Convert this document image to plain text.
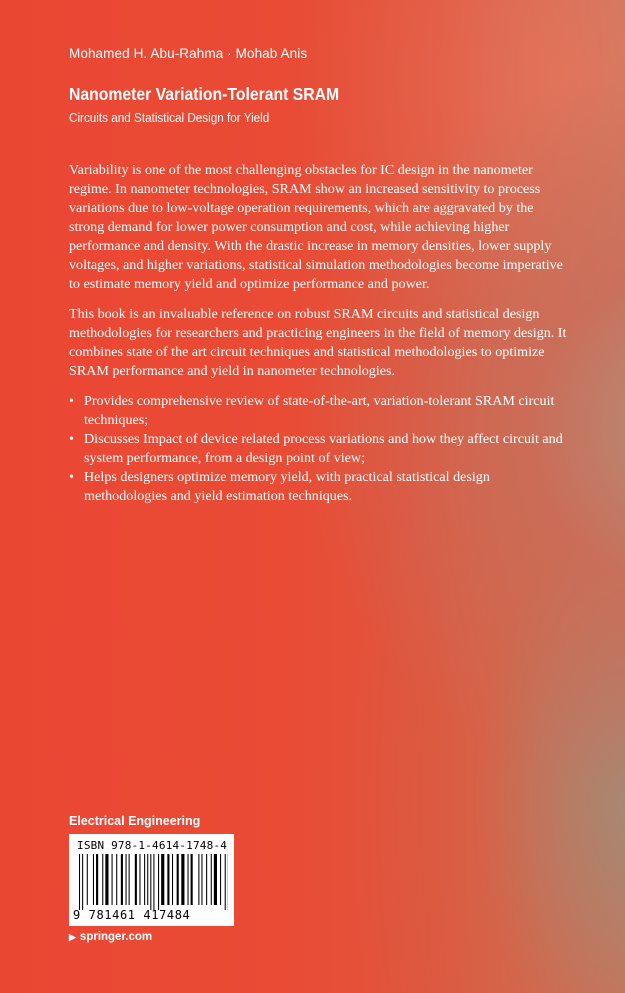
Mohamed H. Abu-Rahma · Mohab Anis
Nanometer Variation-Tolerant SRAM
Circuits and Statistical Design for Yield

Variability is one of the most challenging obstacles for IC design in the nanometer regime. In nanometer technologies, SRAM show an increased sensitivity to process variations due to low-voltage operation requirements, which are aggravated by the strong demand for lower power consumption and cost, while achieving higher performance and density. With the drastic increase in memory densities, lower supply voltages, and higher variations, statistical simulation methodologies become imperative to estimate memory yield and optimize performance and power.

This book is an invaluable reference on robust SRAM circuits and statistical design methodologies for researchers and practicing engineers in the field of memory design. It combines state of the art circuit techniques and statistical methodologies to optimize SRAM performance and yield in nanometer technologies.

• Provides comprehensive review of state-of-the-art, variation-tolerant SRAM circuit techniques;
• Discusses Impact of device related process variations and how they affect circuit and system performance, from a design point of view;
• Helps designers optimize memory yield, with practical statistical design methodologies and yield estimation techniques.
Electrical Engineering
ISBN 978-1-4614-1748-4
9 781461 417484
▶ springer.com
